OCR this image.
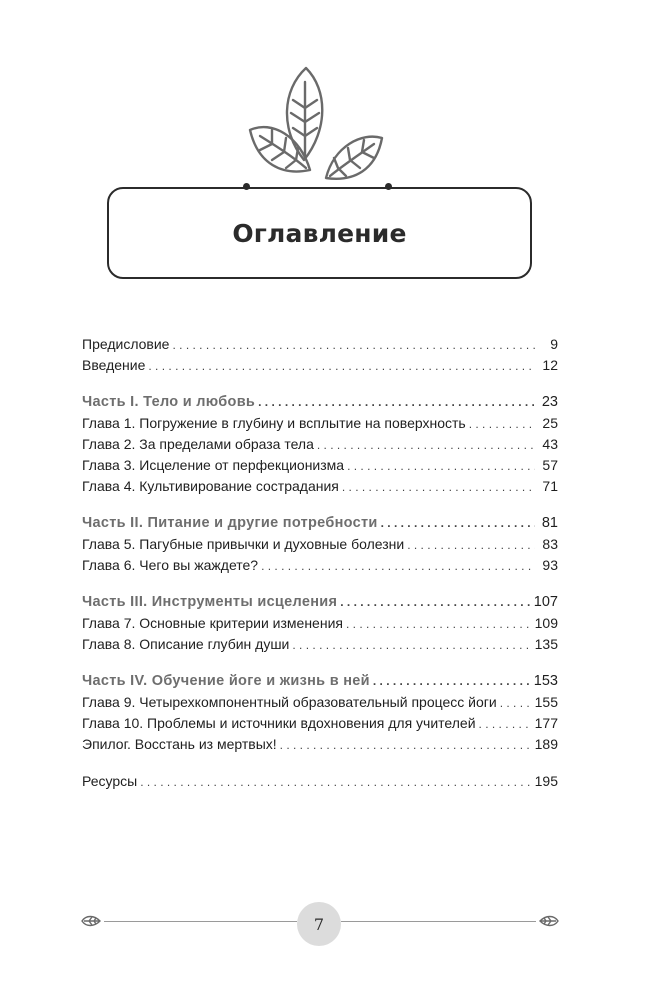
Оглавление
Предисловие . . .	9
Введение . . .	12
Часть I. Тело и любовь . . .	23
Глава 1. Погружение в глубину и всплытие на поверхность . . .	25
Глава 2. За пределами образа тела . . .	43
Глава 3. Исцеление от перфекционизма . . .	57
Глава 4. Культивирование сострадания . . .	71
Часть II. Питание и другие потребности . . .	81
Глава 5. Пагубные привычки и духовные болезни . . .	83
Глава 6. Чего вы жаждете? . . .	93
Часть III. Инструменты исцеления . . .	107
Глава 7. Основные критерии изменения . . .	109
Глава 8. Описание глубин души . . .	135
Часть IV. Обучение йоге и жизнь в ней . . .	153
Глава 9. Четырехкомпонентный образовательный процесс йоги . . .	155
Глава 10. Проблемы и источники вдохновения для учителей . . .	177
Эпилог. Восстань из мертвых! . . .	189
Ресурсы . . .	195
7
